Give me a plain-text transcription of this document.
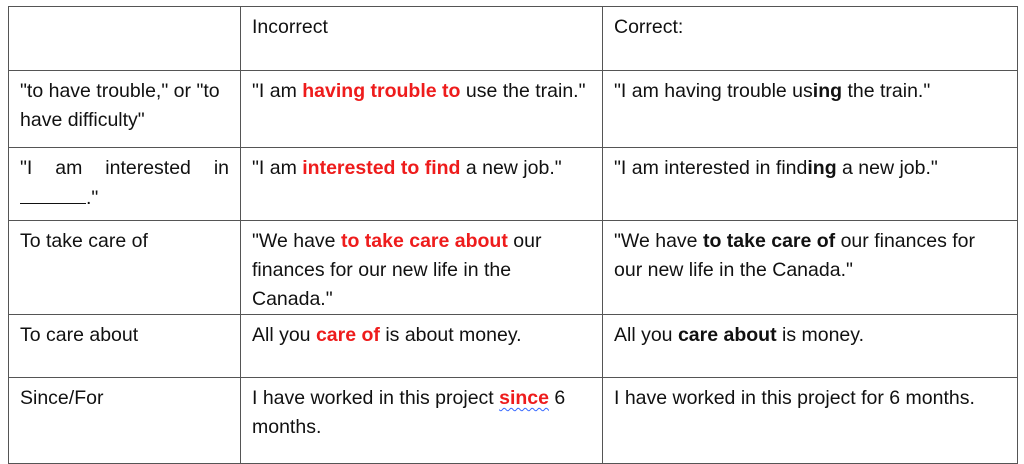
	Incorrect	Correct:
"to have trouble," or "to have difficulty"	"I am having trouble to use the train."	"I am having trouble using the train."
"I am interested in ."	"I am interested to find a new job."	"I am interested in finding a new job."
To take care of	"We have to take care about our finances for our new life in the Canada."	"We have to take care of our finances for our new life in the Canada."
To care about	All you care of is about money.	All you care about is money.
Since/For	I have worked in this project since 6 months.	I have worked in this project for 6 months.
